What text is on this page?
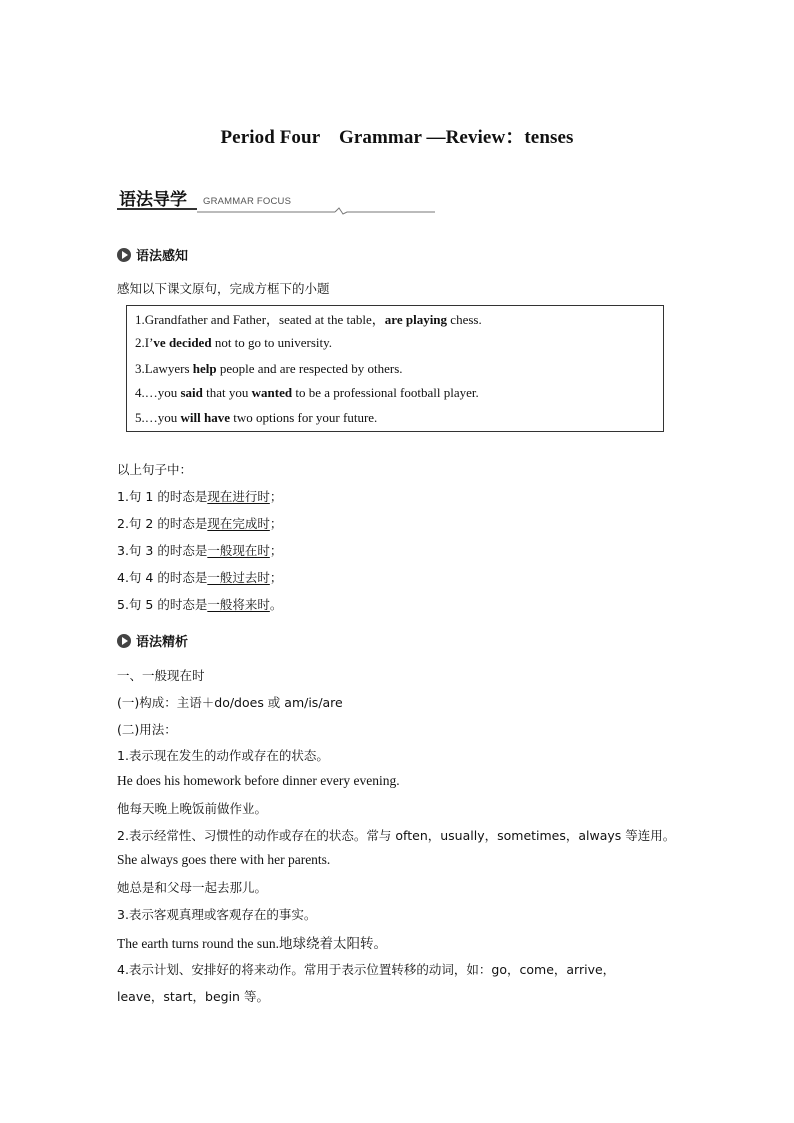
Period Four　Grammar —Review：tenses
语法导学 GRAMMAR FOCUS
语法感知
感知以下课文原句，完成方框下的小题
1.Grandfather and Father，seated at the table，are playing chess.
2.I’ve decided not to go to university.
3.Lawyers help people and are respected by others.
4.…you said that you wanted to be a professional football player.
5.…you will have two options for your future.
以上句子中：
1.句 1 的时态是现在进行时；
2.句 2 的时态是现在完成时；
3.句 3 的时态是一般现在时；
4.句 4 的时态是一般过去时；
5.句 5 的时态是一般将来时。
语法精析
一、一般现在时
(一)构成：主语＋do/does 或 am/is/are
(二)用法：
1.表示现在发生的动作或存在的状态。
He does his homework before dinner every evening.
他每天晚上晚饭前做作业。
2.表示经常性、习惯性的动作或存在的状态。常与 often，usually，sometimes，always 等连用。
She always goes there with her parents.
她总是和父母一起去那儿。
3.表示客观真理或客观存在的事实。
The earth turns round the sun.地球绕着太阳转。
4.表示计划、安排好的将来动作。常用于表示位置转移的动词，如：go，come，arrive，
leave，start，begin 等。
